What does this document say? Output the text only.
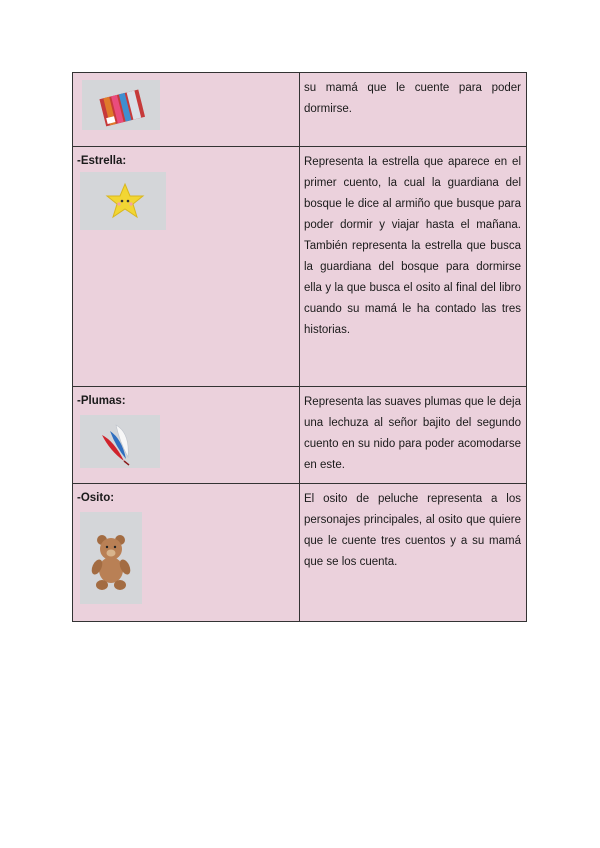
su mamá que le cuente para poder dormirse.

-Estrella:	Representa la estrella que aparece en el primer cuento, la cual la guardiana del bosque le dice al armiño que busque para poder dormir y viajar hasta el mañana. También representa la estrella que busca la guardiana del bosque para dormirse ella y la que busca el osito al final del libro cuando su mamá le ha contado las tres historias.

-Plumas:	Representa las suaves plumas que le deja una lechuza al señor bajito del segundo cuento en su nido para poder acomodarse en este.

-Osito:	El osito de peluche representa a los personajes principales, al osito que quiere que le cuente tres cuentos y a su mamá que se los cuenta.
